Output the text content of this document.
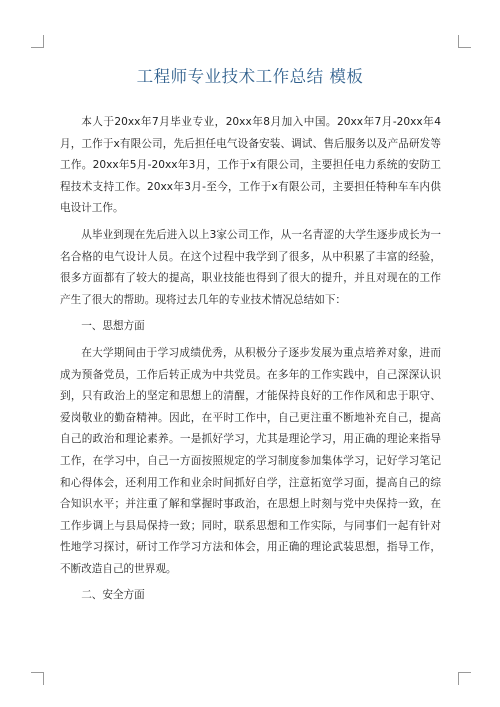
工程师专业技术工作总结 模板

本人于20xx年7月毕业专业，20xx年8月加入中国。20xx年7月-20xx年4月，工作于x有限公司，先后担任电气设备安装、调试、售后服务以及产品研发等工作。20xx年5月-20xx年3月，工作于x有限公司，主要担任电力系统的安防工程技术支持工作。20xx年3月-至今，工作于x有限公司，主要担任特种车车内供电设计工作。

从毕业到现在先后进入以上3家公司工作，从一名青涩的大学生逐步成长为一名合格的电气设计人员。在这个过程中我学到了很多，从中积累了丰富的经验，很多方面都有了较大的提高，职业技能也得到了很大的提升，并且对现在的工作产生了很大的帮助。现将过去几年的专业技术情况总结如下：

一、思想方面

在大学期间由于学习成绩优秀，从积极分子逐步发展为重点培养对象，进而成为预备党员，工作后转正成为中共党员。在多年的工作实践中，自己深深认识到，只有政治上的坚定和思想上的清醒，才能保持良好的工作作风和忠于职守、爱岗敬业的勤奋精神。因此，在平时工作中，自己更注重不断地补充自己，提高自己的政治和理论素养。一是抓好学习，尤其是理论学习，用正确的理论来指导工作，在学习中，自己一方面按照规定的学习制度参加集体学习，记好学习笔记和心得体会，还利用工作和业余时间抓好自学，注意拓宽学习面，提高自己的综合知识水平；并注重了解和掌握时事政治，在思想上时刻与党中央保持一致，在工作步调上与县局保持一致；同时，联系思想和工作实际，与同事们一起有针对性地学习探讨，研讨工作学习方法和体会，用正确的理论武装思想，指导工作，不断改造自己的世界观。

二、安全方面
